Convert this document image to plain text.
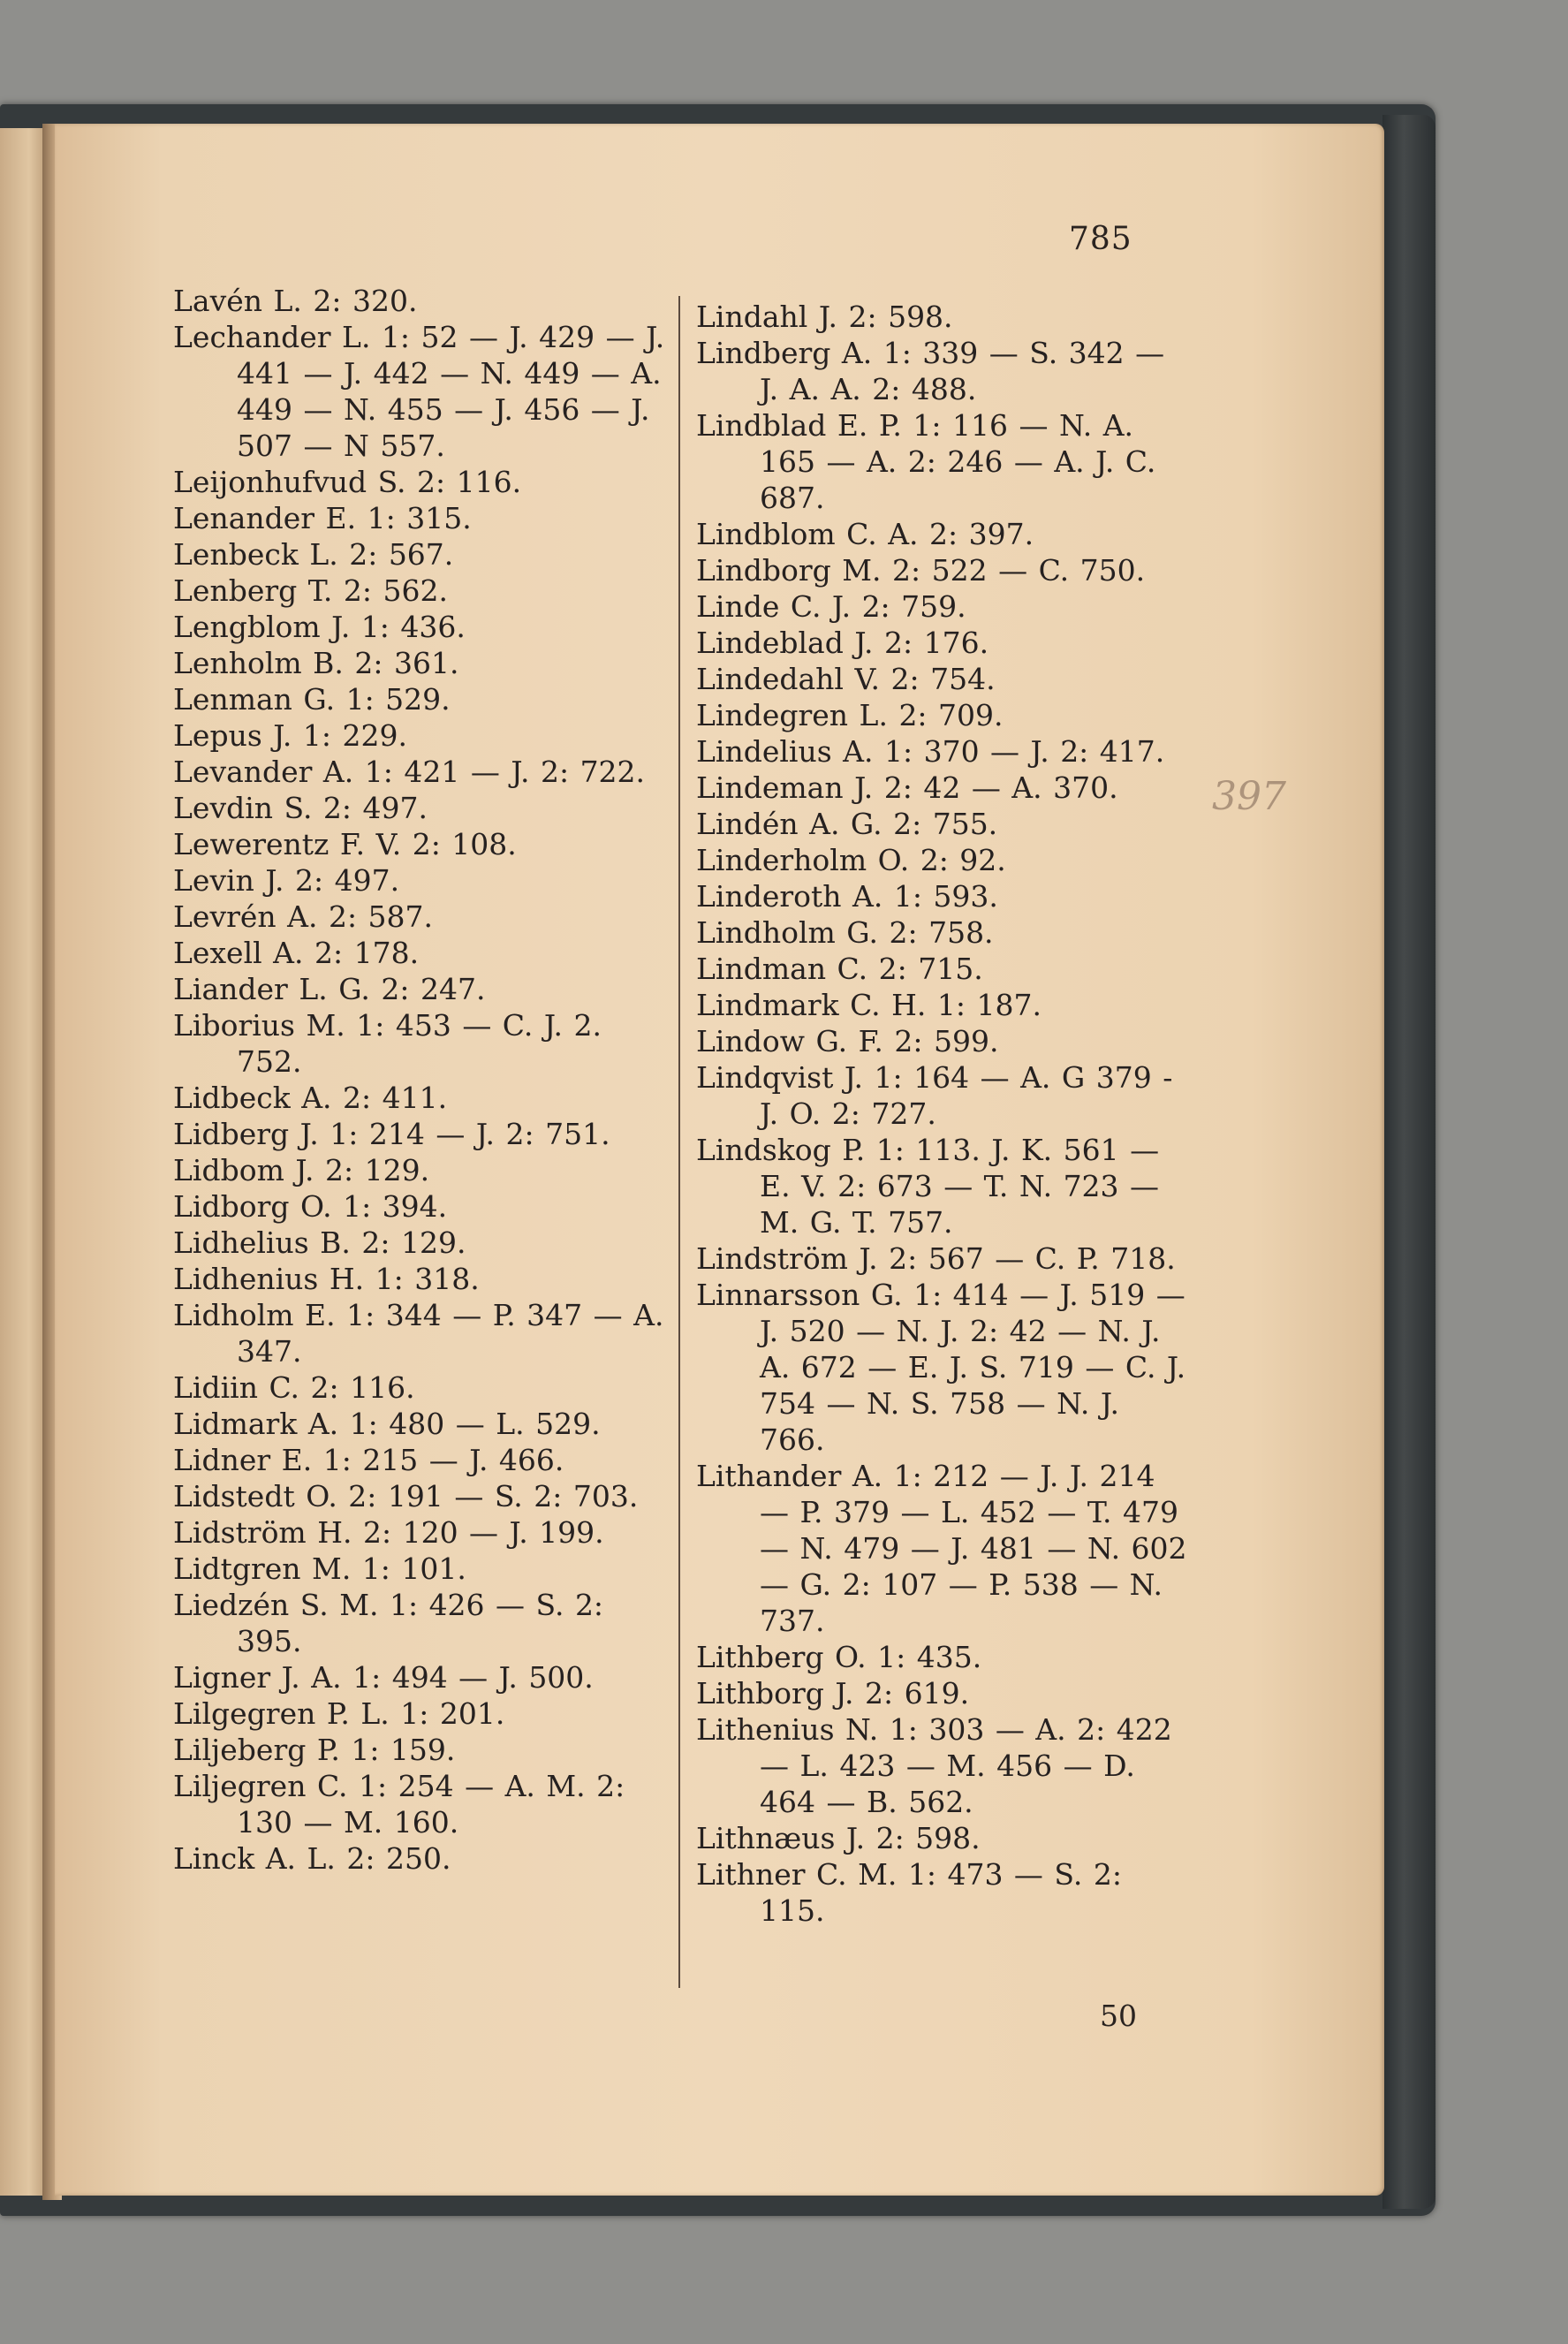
785
Lavén L. 2: 320.
Lechander L. 1: 52 — J. 429 — J. 441 — J. 442 — N. 449 — A. 449 — N. 455 — J. 456 — J. 507 — N 557.
Leijonhufvud S. 2: 116.
Lenander E. 1: 315.
Lenbeck L. 2: 567.
Lenberg T. 2: 562.
Lengblom J. 1: 436.
Lenholm B. 2: 361.
Lenman G. 1: 529.
Lepus J. 1: 229.
Levander A. 1: 421 — J. 2: 722.
Levdin S. 2: 497.
Lewerentz F. V. 2: 108.
Levin J. 2: 497.
Levrén A. 2: 587.
Lexell A. 2: 178.
Liander L. G. 2: 247.
Liborius M. 1: 453 — C. J. 2. 752.
Lidbeck A. 2: 411.
Lidberg J. 1: 214 — J. 2: 751.
Lidbom J. 2: 129.
Lidborg O. 1: 394.
Lidhelius B. 2: 129.
Lidhenius H. 1: 318.
Lidholm E. 1: 344 — P. 347 — A. 347.
Lidiin C. 2: 116.
Lidmark A. 1: 480 — L. 529.
Lidner E. 1: 215 — J. 466.
Lidstedt O. 2: 191 — S. 2: 703.
Lidström H. 2: 120 — J. 199.
Lidtgren M. 1: 101.
Liedzén S. M. 1: 426 — S. 2: 395.
Ligner J. A. 1: 494 — J. 500.
Lilgegren P. L. 1: 201.
Liljeberg P. 1: 159.
Liljegren C. 1: 254 — A. M. 2: 130 — M. 160.
Linck A. L. 2: 250.
Lindahl J. 2: 598.
Lindberg A. 1: 339 — S. 342 — J. A. A. 2: 488.
Lindblad E. P. 1: 116 — N. A. 165 — A. 2: 246 — A. J. C. 687.
Lindblom C. A. 2: 397.
Lindborg M. 2: 522 — C. 750.
Linde C. J. 2: 759.
Lindeblad J. 2: 176.
Lindedahl V. 2: 754.
Lindegren L. 2: 709.
Lindelius A. 1: 370 — J. 2: 417.
Lindeman J. 2: 42 — A. 370.
Lindén A. G. 2: 755.
Linderholm O. 2: 92.
Linderoth A. 1: 593.
Lindholm G. 2: 758.
Lindman C. 2: 715.
Lindmark C. H. 1: 187.
Lindow G. F. 2: 599.
Lindqvist J. 1: 164 — A. G 379 - J. O. 2: 727.
Lindskog P. 1: 113. J. K. 561 — E. V. 2: 673 — T. N. 723 — M. G. T. 757.
Lindström J. 2: 567 — C. P. 718.
Linnarsson G. 1: 414 — J. 519 — J. 520 — N. J. 2: 42 — N. J. A. 672 — E. J. S. 719 — C. J. 754 — N. S. 758 — N. J. 766.
Lithander A. 1: 212 — J. J. 214 — P. 379 — L. 452 — T. 479 — N. 479 — J. 481 — N. 602 — G. 2: 107 — P. 538 — N. 737.
Lithberg O. 1: 435.
Lithborg J. 2: 619.
Lithenius N. 1: 303 — A. 2: 422 — L. 423 — M. 456 — D. 464 — B. 562.
Lithnæus J. 2: 598.
Lithner C. M. 1: 473 — S. 2: 115.
397
50
